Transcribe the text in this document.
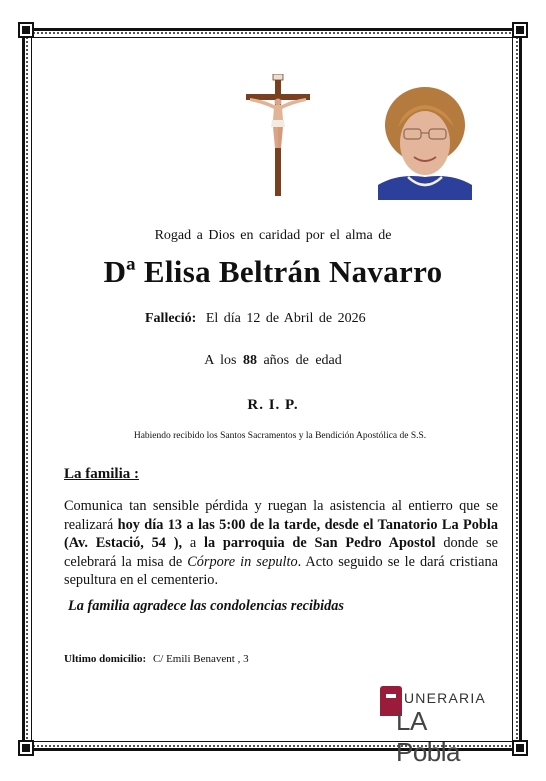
Rogad a Dios en caridad por el alma de
Dª Elisa Beltrán Navarro
Falleció: El día 12 de Abril de 2026
A los 88 años de edad
R. I. P.
Habiendo recibido los Santos Sacramentos y la Bendición Apostólica de S.S.
La familia :
Comunica tan sensible pérdida y ruegan la asistencia al entierro que se realizará hoy día 13 a las 5:00 de la tarde, desde el Tanatorio La Pobla (Av. Estació, 54 ), a la parroquia de San Pedro Apostol donde se celebrará la misa de Córpore in sepulto. Acto seguido se le dará cristiana sepultura en el cementerio.
La familia agradece las condolencias recibidas
Ultimo domicilio: C/ Emili Benavent , 3
UNERARIA
LA Pobla
